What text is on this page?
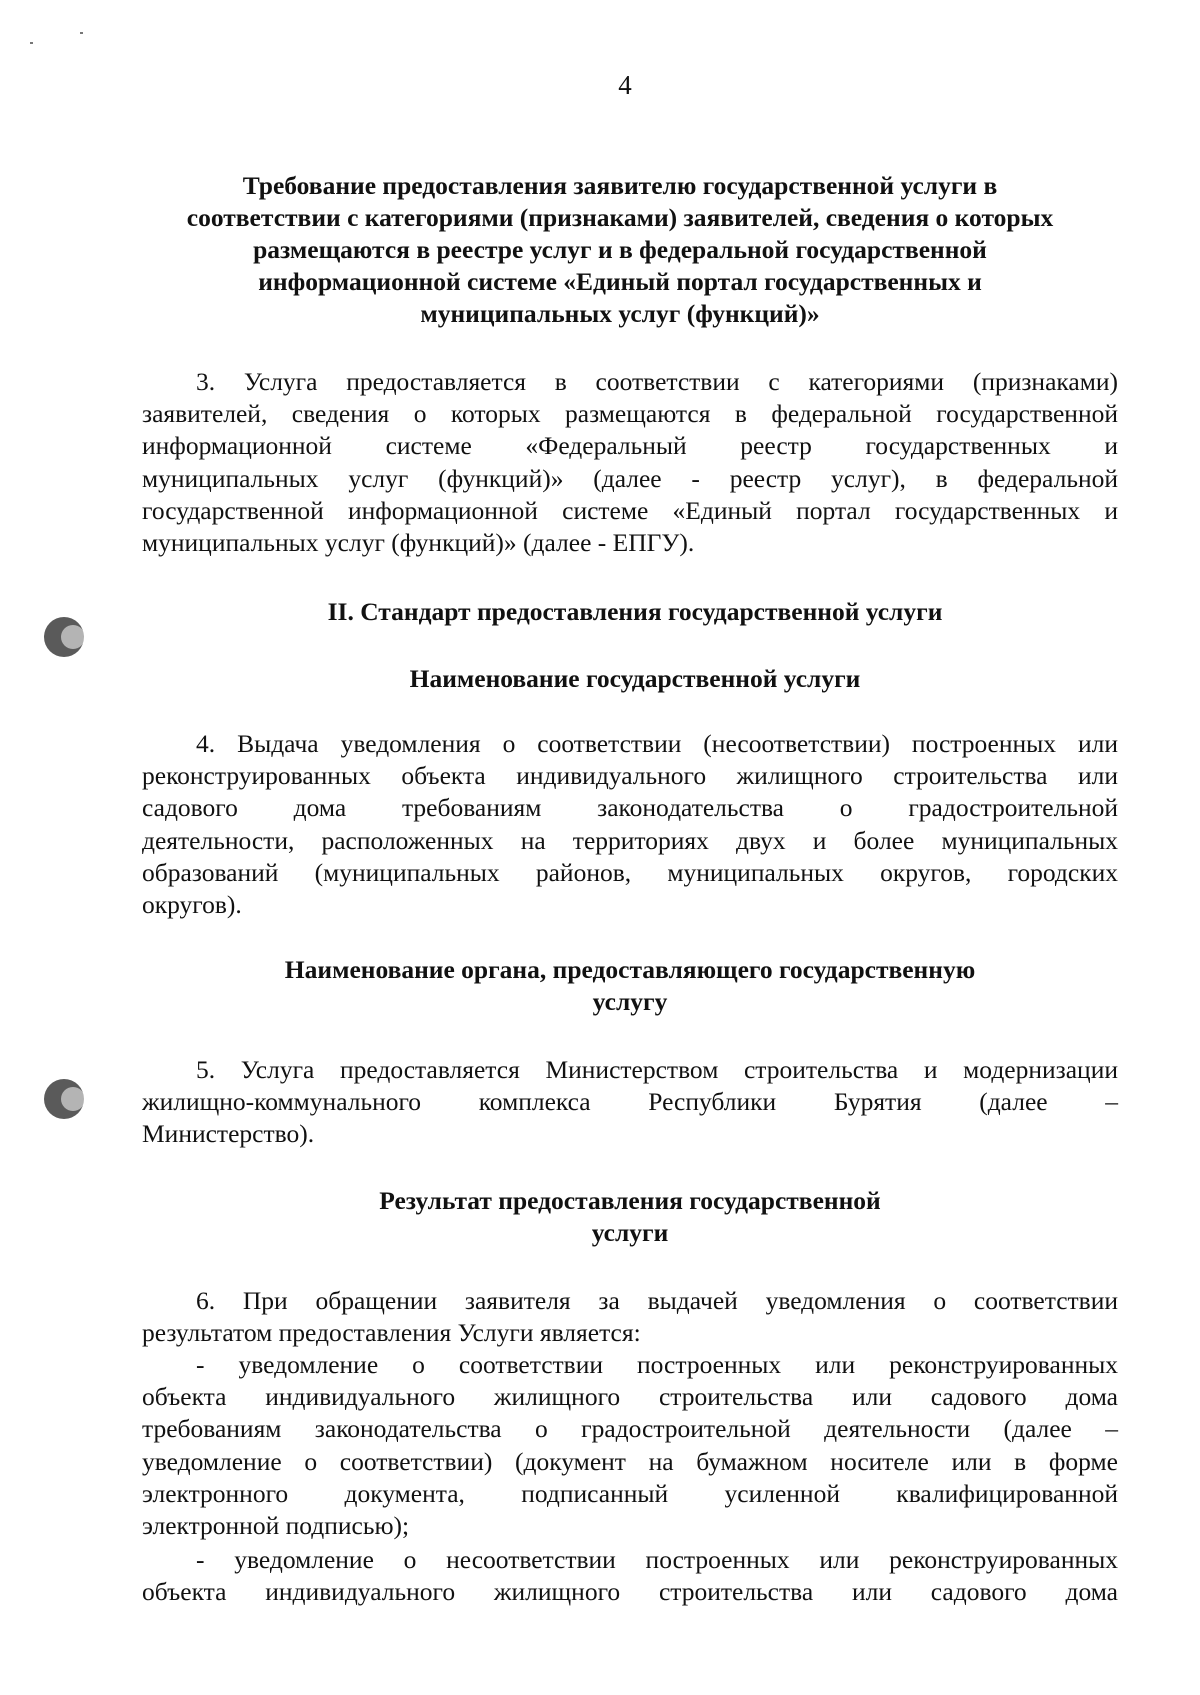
4
Требование предоставления заявителю государственной услуги в
соответствии с категориями (признаками) заявителей, сведения о которых
размещаются в реестре услуг и в федеральной государственной
информационной системе «Единый портал государственных и
муниципальных услуг (функций)»
3. Услуга предоставляется в соответствии с категориями (признаками)
заявителей, сведения о которых размещаются в федеральной государственной
информационной системе «Федеральный реестр государственных и
муниципальных услуг (функций)» (далее - реестр услуг), в федеральной
государственной информационной системе «Единый портал государственных и
муниципальных услуг (функций)» (далее - ЕПГУ).
II. Стандарт предоставления государственной услуги
Наименование государственной услуги
4. Выдача уведомления о соответствии (несоответствии) построенных или
реконструированных объекта индивидуального жилищного строительства или
садового дома требованиям законодательства о градостроительной
деятельности, расположенных на территориях двух и более муниципальных
образований (муниципальных районов, муниципальных округов, городских
округов).
Наименование органа, предоставляющего государственную
услугу
5. Услуга предоставляется Министерством строительства и модернизации
жилищно-коммунального комплекса Республики Бурятия (далее –
Министерство).
Результат предоставления государственной
услуги
6. При обращении заявителя за выдачей уведомления о соответствии
результатом предоставления Услуги является:
- уведомление о соответствии построенных или реконструированных
объекта индивидуального жилищного строительства или садового дома
требованиям законодательства о градостроительной деятельности (далее –
уведомление о соответствии) (документ на бумажном носителе или в форме
электронного документа, подписанный усиленной квалифицированной
электронной подписью);
- уведомление о несоответствии построенных или реконструированных
объекта индивидуального жилищного строительства или садового дома
